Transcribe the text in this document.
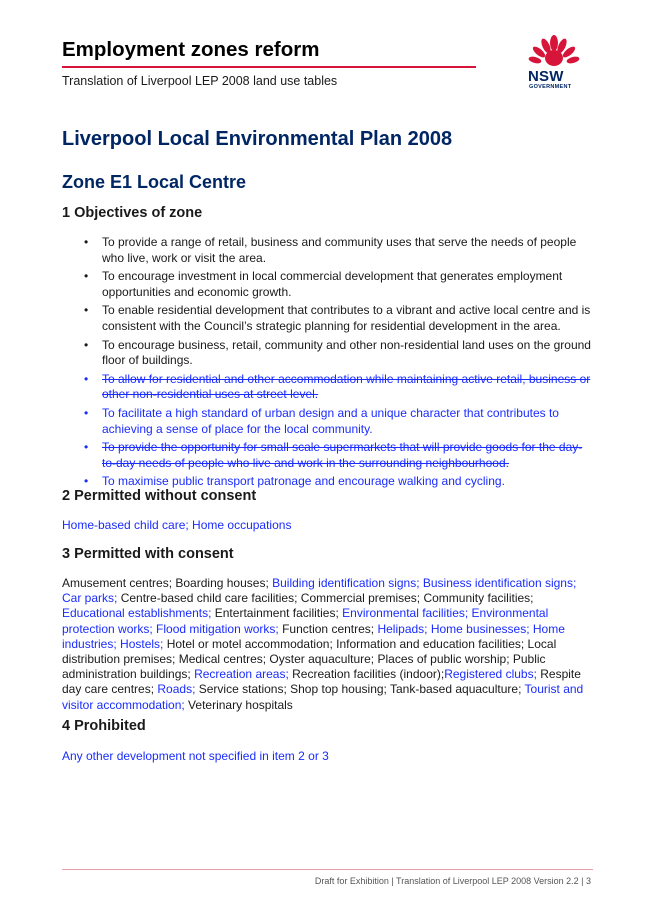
Employment zones reform
Translation of Liverpool LEP 2008 land use tables	NSW
GOVERNMENT
Liverpool Local Environmental Plan 2008
Zone E1 Local Centre
1 Objectives of zone
• To provide a range of retail, business and community uses that serve the needs of people who live, work or visit the area.
• To encourage investment in local commercial development that generates employment opportunities and economic growth.
• To enable residential development that contributes to a vibrant and active local centre and is consistent with the Council’s strategic planning for residential development in the area.
• To encourage business, retail, community and other non-residential land uses on the ground floor of buildings.
• To allow for residential and other accommodation while maintaining active retail, business or other non-residential uses at street level.
• To facilitate a high standard of urban design and a unique character that contributes to achieving a sense of place for the local community.
• To provide the opportunity for small scale supermarkets that will provide goods for the day-to-day needs of people who live and work in the surrounding neighbourhood.
• To maximise public transport patronage and encourage walking and cycling.
2 Permitted without consent

Home-based child care; Home occupations

3 Permitted with consent

Amusement centres; Boarding houses; Building identification signs; Business identification signs; Car parks; Centre-based child care facilities; Commercial premises; Community facilities; Educational establishments; Entertainment facilities; Environmental facilities; Environmental protection works; Flood mitigation works; Function centres; Helipads; Home businesses; Home industries; Hostels; Hotel or motel accommodation; Information and education facilities; Local distribution premises; Medical centres; Oyster aquaculture; Places of public worship; Public administration buildings; Recreation areas; Recreation facilities (indoor);Registered clubs; Respite day care centres; Roads; Service stations; Shop top housing; Tank-based aquaculture; Tourist and visitor accommodation; Veterinary hospitals

4 Prohibited

Any other development not specified in item 2 or 3

Draft for Exhibition | Translation of Liverpool LEP 2008 Version 2.2 | 3
